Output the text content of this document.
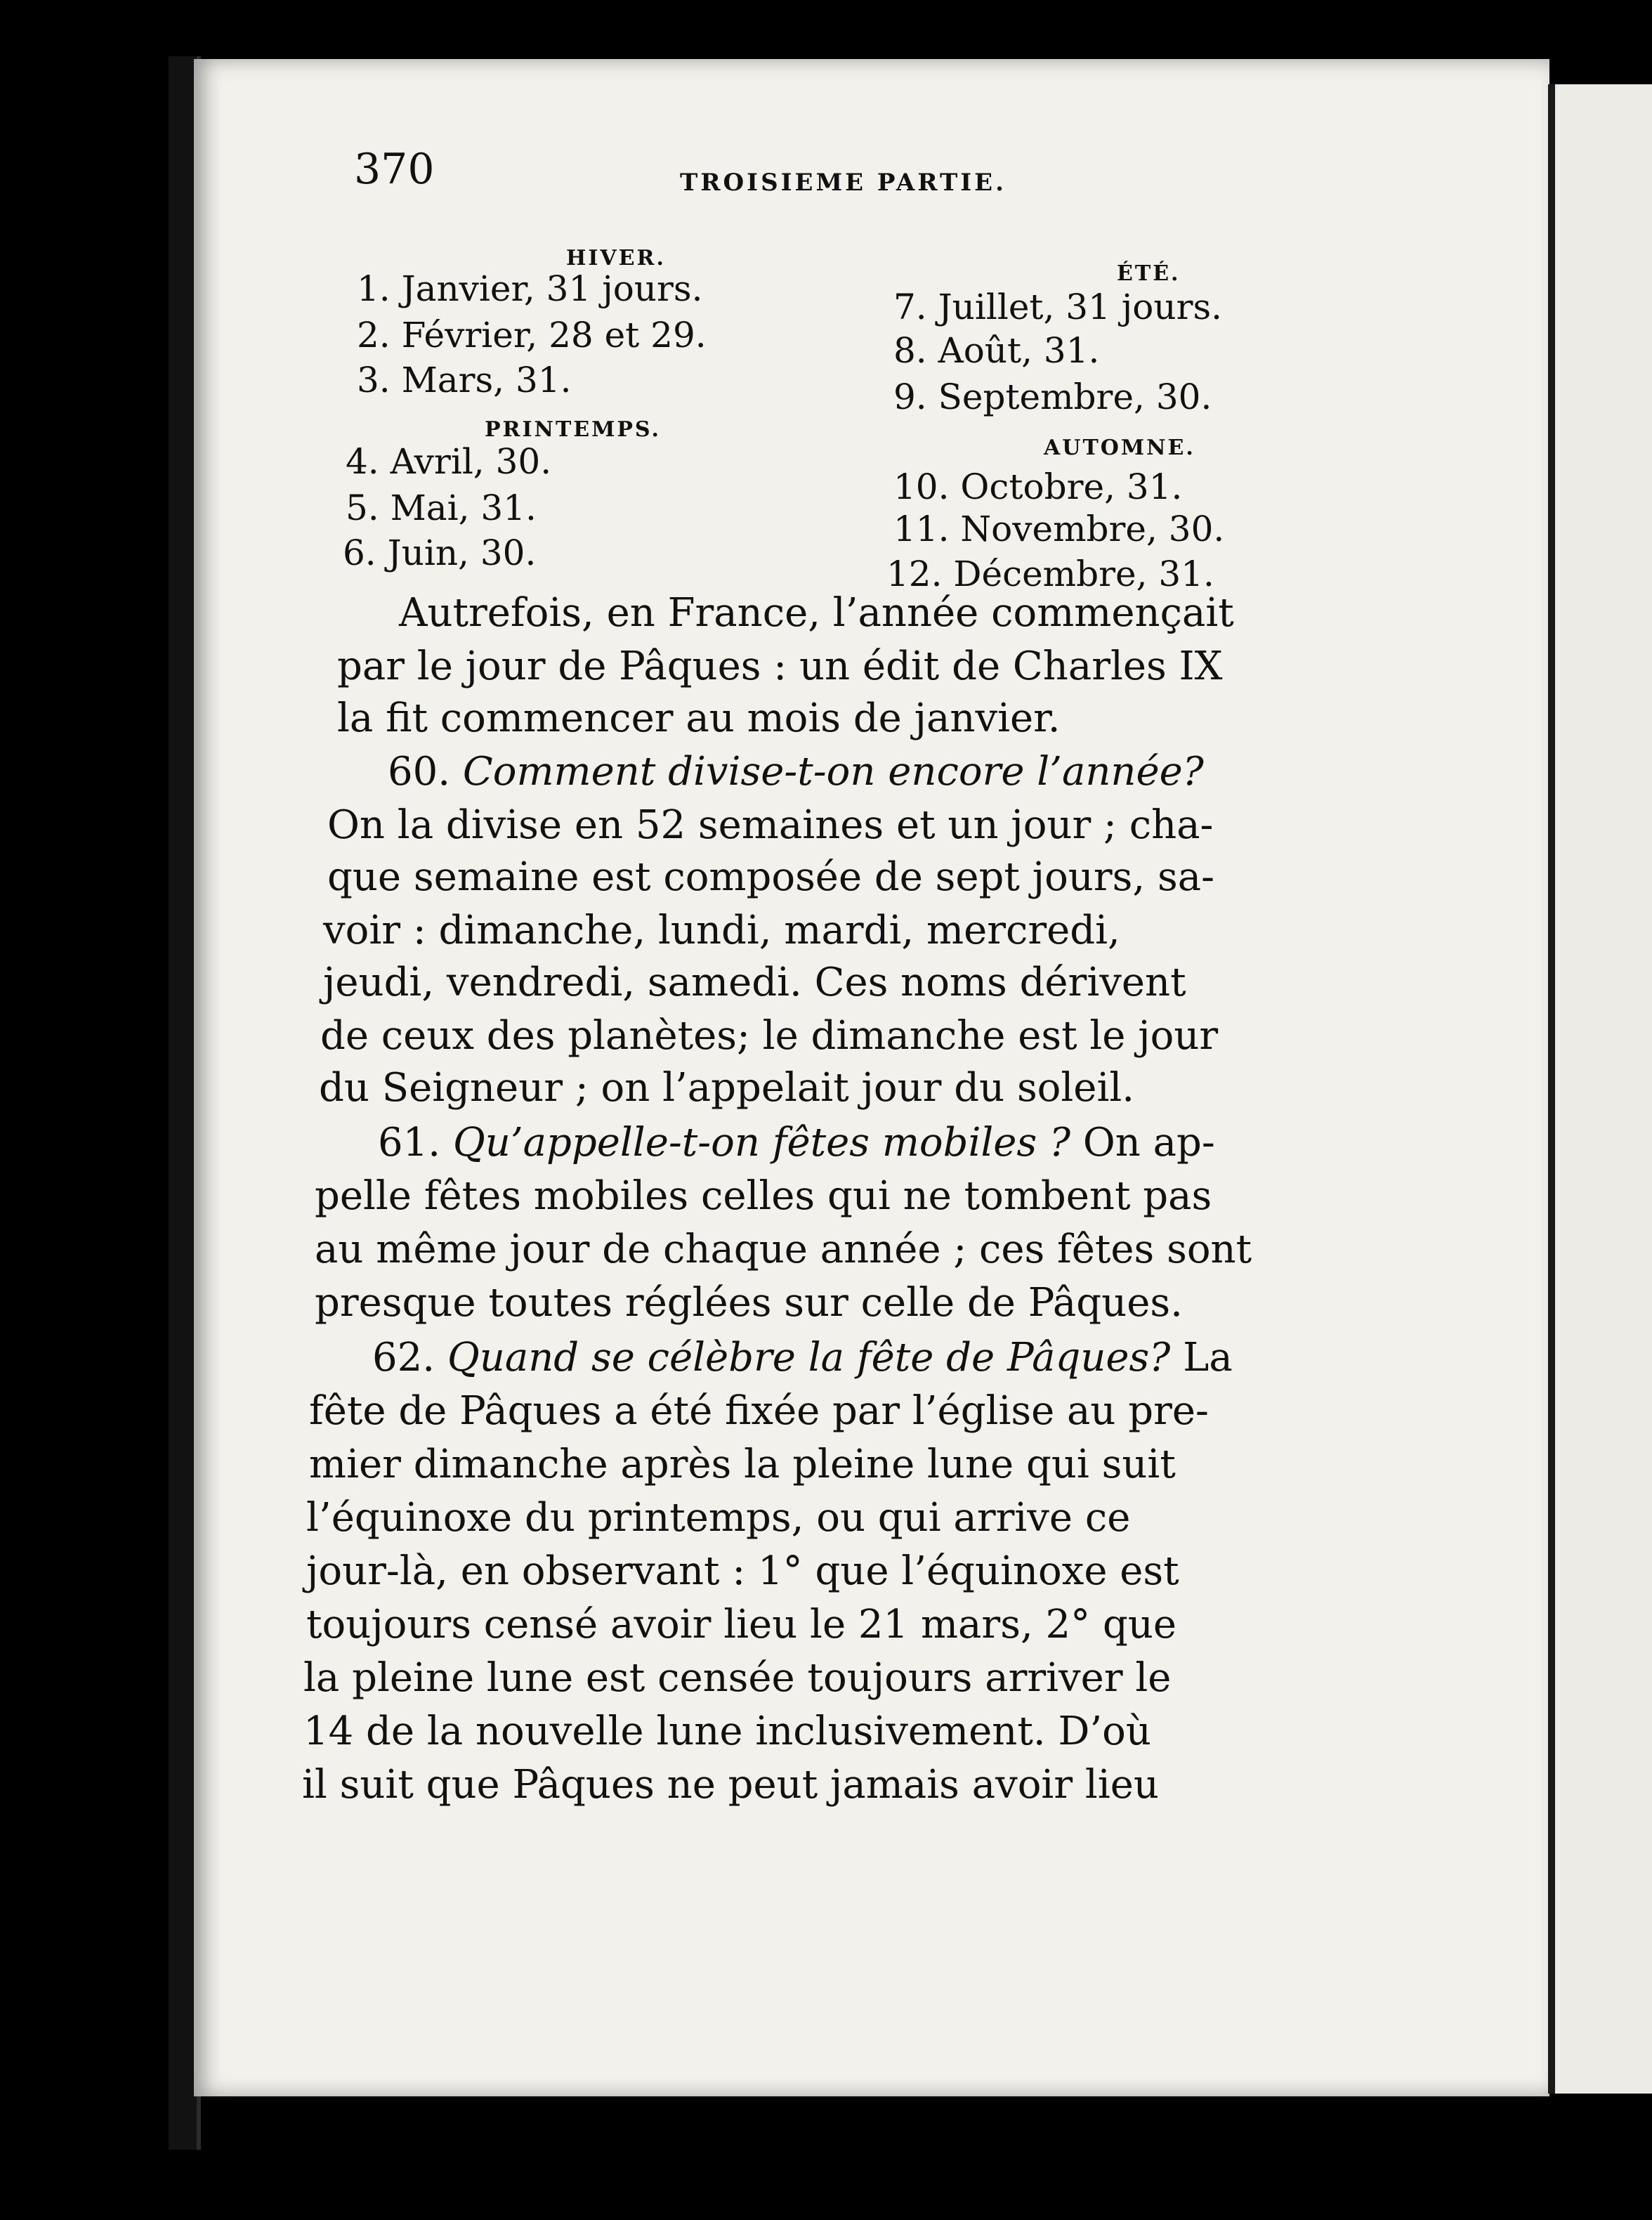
370	TROISIEME PARTIE.
HIVER.
1. Janvier, 31 jours.
2. Février, 28 et 29.
3. Mars, 31.
PRINTEMPS.
4. Avril, 30.
5. Mai, 31.
6. Juin, 30.
ÉTÉ.
7. Juillet, 31 jours.
8. Août, 31.
9. Septembre, 30.
AUTOMNE.
10. Octobre, 31.
11. Novembre, 30.
12. Décembre, 31.
Autrefois, en France, l’année commençait
par le jour de Pâques : un édit de Charles IX
la fit commencer au mois de janvier.
60. Comment divise-t-on encore l’année?
On la divise en 52 semaines et un jour ; cha-
que semaine est composée de sept jours, sa-
voir : dimanche, lundi, mardi, mercredi,
jeudi, vendredi, samedi. Ces noms dérivent
de ceux des planètes; le dimanche est le jour
du Seigneur ; on l’appelait jour du soleil.
61. Qu’appelle-t-on fêtes mobiles ? On ap-
pelle fêtes mobiles celles qui ne tombent pas
au même jour de chaque année ; ces fêtes sont
presque toutes réglées sur celle de Pâques.
62. Quand se célèbre la fête de Pâques? La
fête de Pâques a été fixée par l’église au pre-
mier dimanche après la pleine lune qui suit
l’équinoxe du printemps, ou qui arrive ce
jour-là, en observant : 1° que l’équinoxe est
toujours censé avoir lieu le 21 mars, 2° que
la pleine lune est censée toujours arriver le
14 de la nouvelle lune inclusivement. D’où
il suit que Pâques ne peut jamais avoir lieu
